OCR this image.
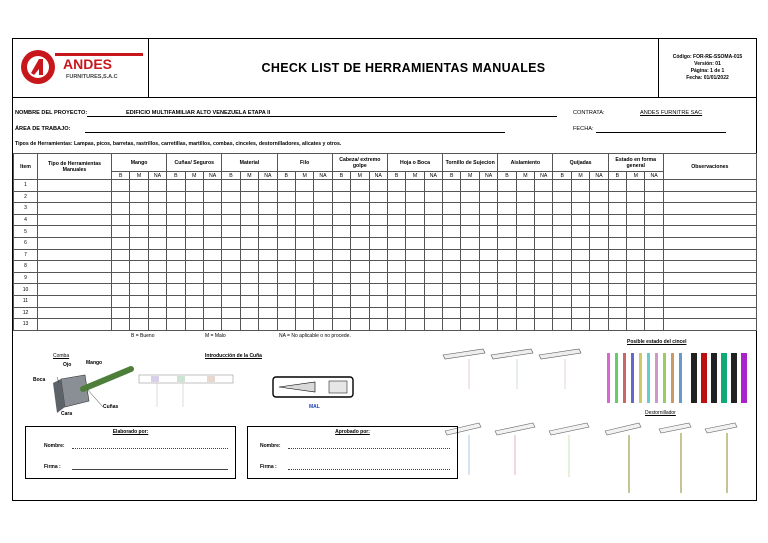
ANDES
FURNITURES,S.A.C
CHECK LIST DE HERRAMIENTAS MANUALES
Código: FOR-RE-SSOMA-015
Versión: 01
Página: 1 de 1
Fecha: 01/01/2022
NOMBRE DEL PROYECTO:	EDIFICIO MULTIFAMILIAR ALTO VENEZUELA ETAPA II	CONTRATA:	ANDES FURNITRE SAC
ÁREA DE TRABAJO:	FECHA:
Tipos de Herramientas: Lampas, picos, barretas, rastrillos, carretillas, martillos, combas, cinceles, destornilladores, alicates y otros.
Item	Tipo de Herramientas Manuales	Mango			Cuñas/ Seguros			Material			Filo			Cabeza/ extremo golpe			Hoja o Boca			Tornillo de Sujecion			Aislamiento			Quijadas			Estado en forma general			Observaciones
		B	M	NA	B	M	NA	B	M	NA	B	M	NA	B	M	NA	B	M	NA	B	M	NA	B	M	NA	B	M	NA	B	M	NA	
1																																
2																																
3																																
4																																
5																																
6																																
7																																
8																																
9																																
10																																
11																																
12																																
13																																
B = Bueno	M = Malo	NA = No aplicable o no procede.
Comba
Ojo	Mango
Boca
Cara
Cuñas
Introducción de la Cuña
MAL
Posible estado del cincel
Destornillador
Elaborado por:
Nombre:
Firma :
Aprobado por:
Nombre:
Firma :
